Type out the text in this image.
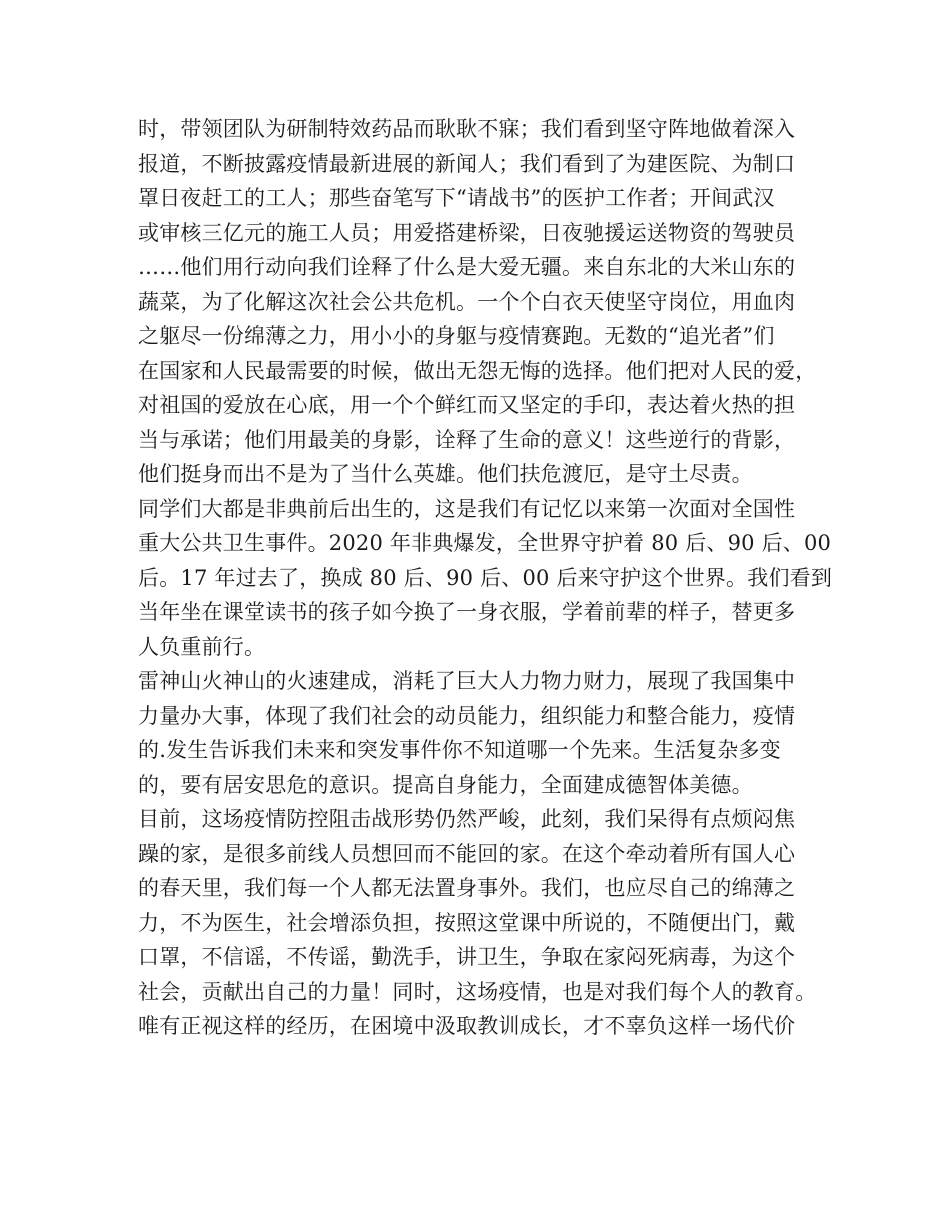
时，带领团队为研制特效药品而耿耿不寐；我们看到坚守阵地做着深入
报道，不断披露疫情最新进展的新闻人；我们看到了为建医院、为制口
罩日夜赶工的工人；那些奋笔写下“请战书”的医护工作者；开间武汉
或审核三亿元的施工人员；用爱搭建桥梁，日夜驰援运送物资的驾驶员
……他们用行动向我们诠释了什么是大爱无疆。来自东北的大米山东的
蔬菜，为了化解这次社会公共危机。一个个白衣天使坚守岗位，用血肉
之躯尽一份绵薄之力，用小小的身躯与疫情赛跑。无数的“追光者”们
在国家和人民最需要的时候，做出无怨无悔的选择。他们把对人民的爱，
对祖国的爱放在心底，用一个个鲜红而又坚定的手印，表达着火热的担
当与承诺；他们用最美的身影，诠释了生命的意义！这些逆行的背影，
他们挺身而出不是为了当什么英雄。他们扶危渡厄，是守土尽责。
同学们大都是非典前后出生的，这是我们有记忆以来第一次面对全国性
重大公共卫生事件。2020 年非典爆发，全世界守护着 80 后、90 后、00
后。17 年过去了，换成 80 后、90 后、00 后来守护这个世界。我们看到
当年坐在课堂读书的孩子如今换了一身衣服，学着前辈的样子，替更多
人负重前行。
雷神山火神山的火速建成，消耗了巨大人力物力财力，展现了我国集中
力量办大事，体现了我们社会的动员能力，组织能力和整合能力，疫情
的.发生告诉我们未来和突发事件你不知道哪一个先来。生活复杂多变
的，要有居安思危的意识。提高自身能力，全面建成德智体美德。
目前，这场疫情防控阻击战形势仍然严峻，此刻，我们呆得有点烦闷焦
躁的家，是很多前线人员想回而不能回的家。在这个牵动着所有国人心
的春天里，我们每一个人都无法置身事外。我们，也应尽自己的绵薄之
力，不为医生，社会增添负担，按照这堂课中所说的，不随便出门，戴
口罩，不信谣，不传谣，勤洗手，讲卫生，争取在家闷死病毒，为这个
社会，贡献出自己的力量！同时，这场疫情，也是对我们每个人的教育。
唯有正视这样的经历，在困境中汲取教训成长，才不辜负这样一场代价
